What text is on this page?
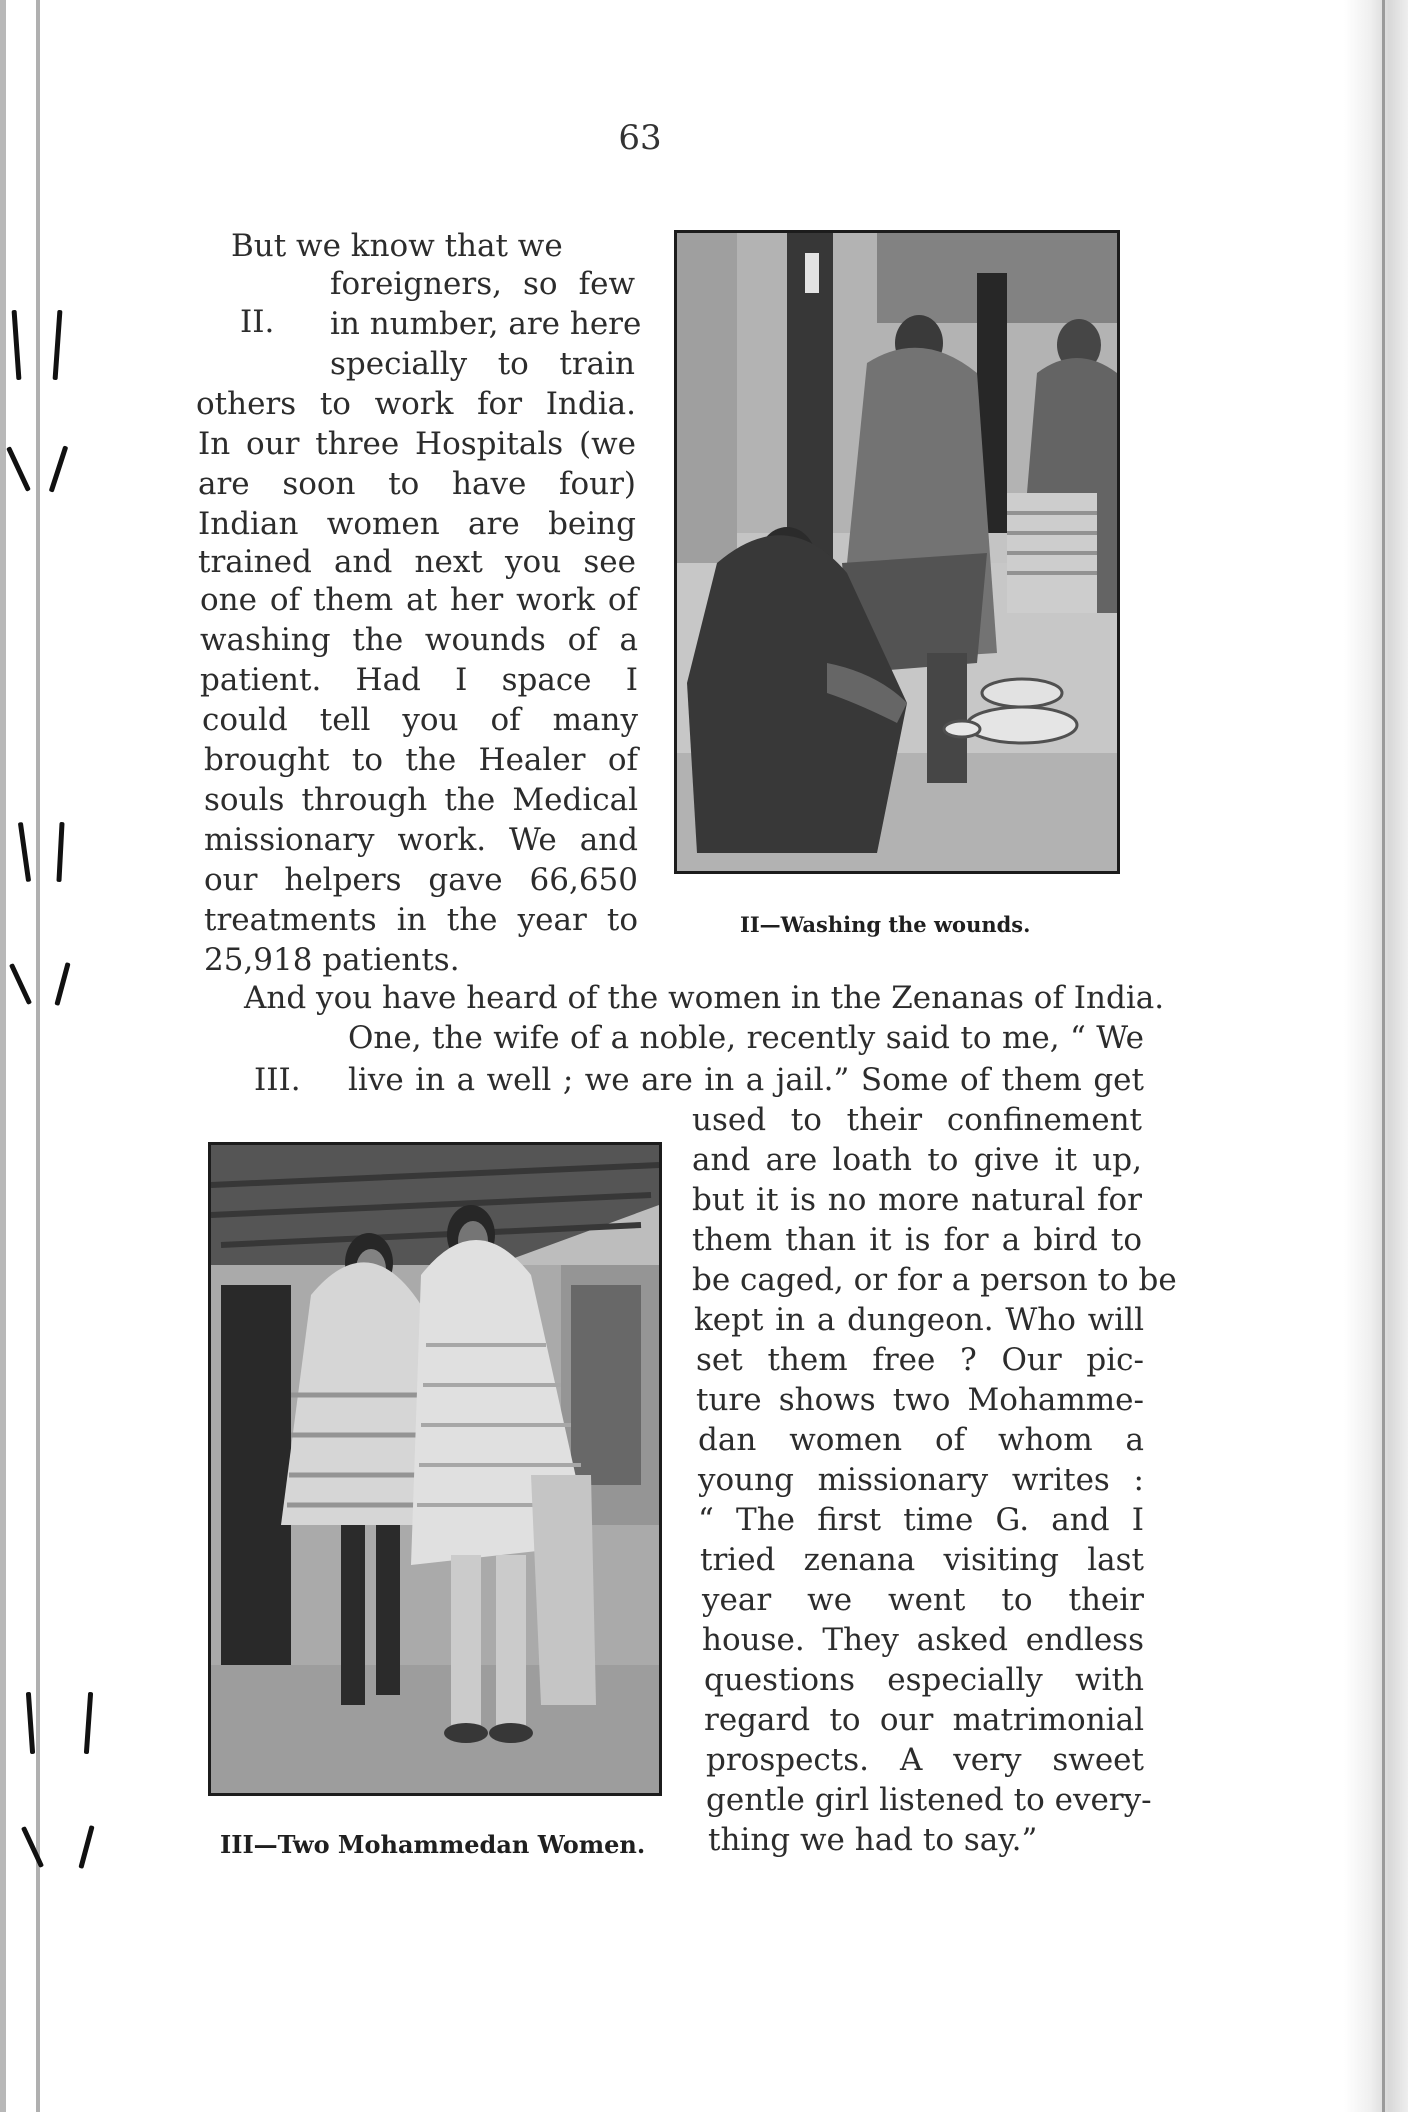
63
II.
But we know that we
foreigners, so few
in number, are here
specially to train
others to work for India.
In our three Hospitals (we
are soon to have four)
Indian women are being
trained and next you see
one of them at her work of
washing the wounds of a
patient. Had I space I
could tell you of many
brought to the Healer of
souls through the Medical
missionary work. We and
our helpers gave 66,650
treatments in the year to
25,918 patients.
II—Washing the wounds.
III.
And you have heard of the women in the Zenanas of India.
One, the wife of a noble, recently said to me, “ We
live in a well ; we are in a jail.” Some of them get
used to their confinement
and are loath to give it up,
but it is no more natural for
them than it is for a bird to
be caged, or for a person to be
kept in a dungeon. Who will
set them free ? Our pic-
ture shows two Mohamme-
dan women of whom a
young missionary writes :
“ The first time G. and I
tried zenana visiting last
year we went to their
house. They asked endless
questions especially with
regard to our matrimonial
prospects. A very sweet
gentle girl listened to every-
thing we had to say.”
III—Two Mohammedan Women.
